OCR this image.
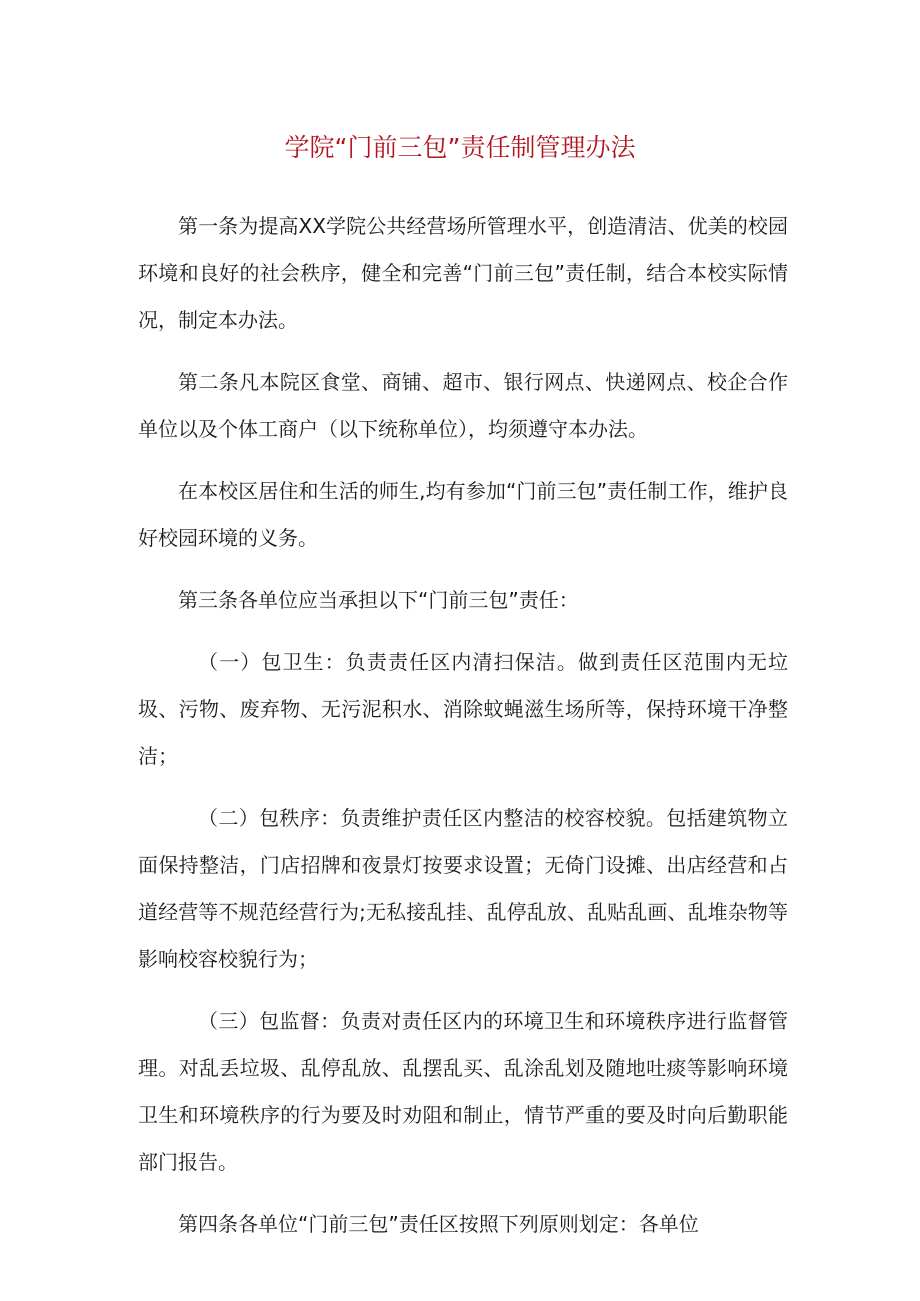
学院“门前三包”责任制管理办法

第一条为提高XX学院公共经营场所管理水平，创造清洁、优美的校园环境和良好的社会秩序，健全和完善“门前三包”责任制，结合本校实际情况，制定本办法。

第二条凡本院区食堂、商铺、超市、银行网点、快递网点、校企合作单位以及个体工商户（以下统称单位），均须遵守本办法。

在本校区居住和生活的师生,均有参加“门前三包”责任制工作，维护良好校园环境的义务。

第三条各单位应当承担以下“门前三包”责任：

（一）包卫生：负责责任区内清扫保洁。做到责任区范围内无垃圾、污物、废弃物、无污泥积水、消除蚊蝇滋生场所等，保持环境干净整洁；

（二）包秩序：负责维护责任区内整洁的校容校貌。包括建筑物立面保持整洁，门店招牌和夜景灯按要求设置；无倚门设摊、出店经营和占道经营等不规范经营行为;无私接乱挂、乱停乱放、乱贴乱画、乱堆杂物等影响校容校貌行为；

（三）包监督：负责对责任区内的环境卫生和环境秩序进行监督管理。对乱丢垃圾、乱停乱放、乱摆乱买、乱涂乱划及随地吐痰等影响环境卫生和环境秩序的行为要及时劝阻和制止，情节严重的要及时向后勤职能部门报告。

第四条各单位“门前三包”责任区按照下列原则划定：各单位
